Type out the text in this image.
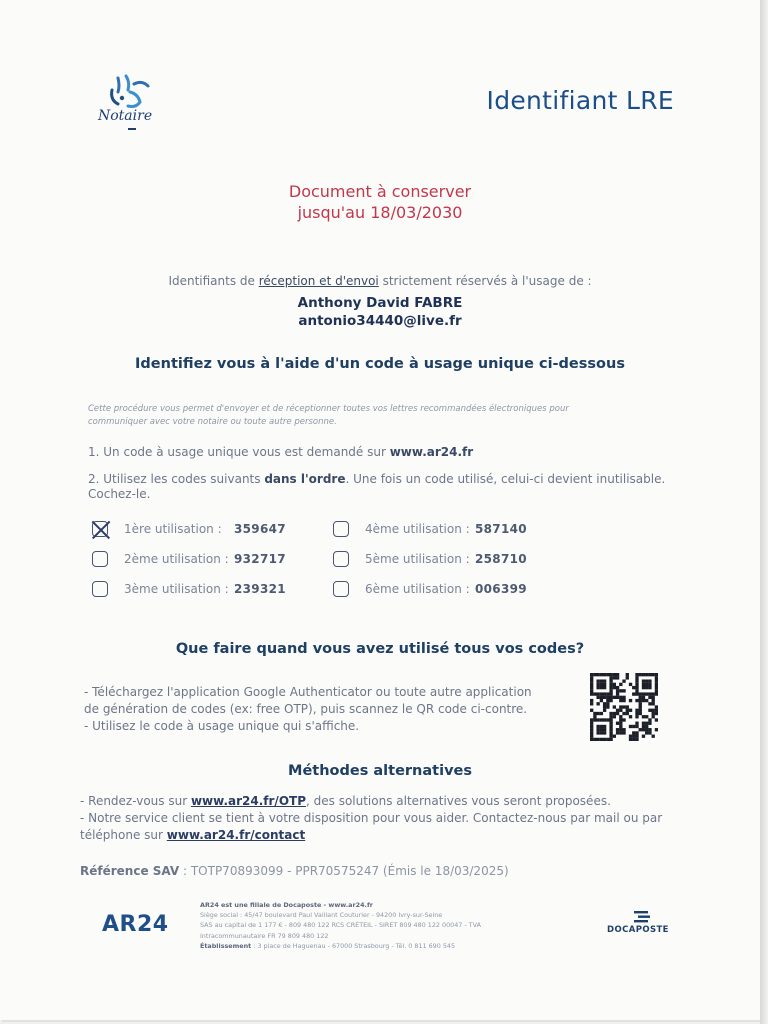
Notaire
Identifiant LRE
Document à conserver
jusqu'au 18/03/2030
Identifiants de réception et d'envoi strictement réservés à l'usage de :
Anthony David FABRE
antonio34440@live.fr
Identifiez vous à l'aide d'un code à usage unique ci-dessous
Cette procédure vous permet d'envoyer et de réceptionner toutes vos lettres recommandées électroniques pour
communiquer avec votre notaire ou toute autre personne.
1. Un code à usage unique vous est demandé sur www.ar24.fr
2. Utilisez les codes suivants dans l'ordre. Une fois un code utilisé, celui-ci devient inutilisable.
Cochez-le.
1ère utilisation :	359647
2ème utilisation : 932717
3ème utilisation : 239321
4ème utilisation : 587140
5ème utilisation : 258710
6ème utilisation : 006399
Que faire quand vous avez utilisé tous vos codes?
- Téléchargez l'application Google Authenticator ou toute autre application
de génération de codes (ex: free OTP), puis scannez le QR code ci-contre.
- Utilisez le code à usage unique qui s'affiche.
Méthodes alternatives
- Rendez-vous sur www.ar24.fr/OTP, des solutions alternatives vous seront proposées.
- Notre service client se tient à votre disposition pour vous aider. Contactez-nous par mail ou par
téléphone sur www.ar24.fr/contact
Référence SAV : TOTP70893099 - PPR70575247 (Émis le 18/03/2025)
AR24
AR24 est une filiale de Docaposte - www.ar24.fr
Siège social : 45/47 boulevard Paul Vaillant Couturier - 94200 Ivry-sur-Seine
SAS au capital de 1 177 € - 809 480 122 RCS CRÉTEIL - SIRET 809 480 122 00047 - TVA
intracommunautaire FR 79 809 480 122
Établissement : 3 place de Haguenau - 67000 Strasbourg - Tél. 0 811 690 545
DOCAPOSTE
